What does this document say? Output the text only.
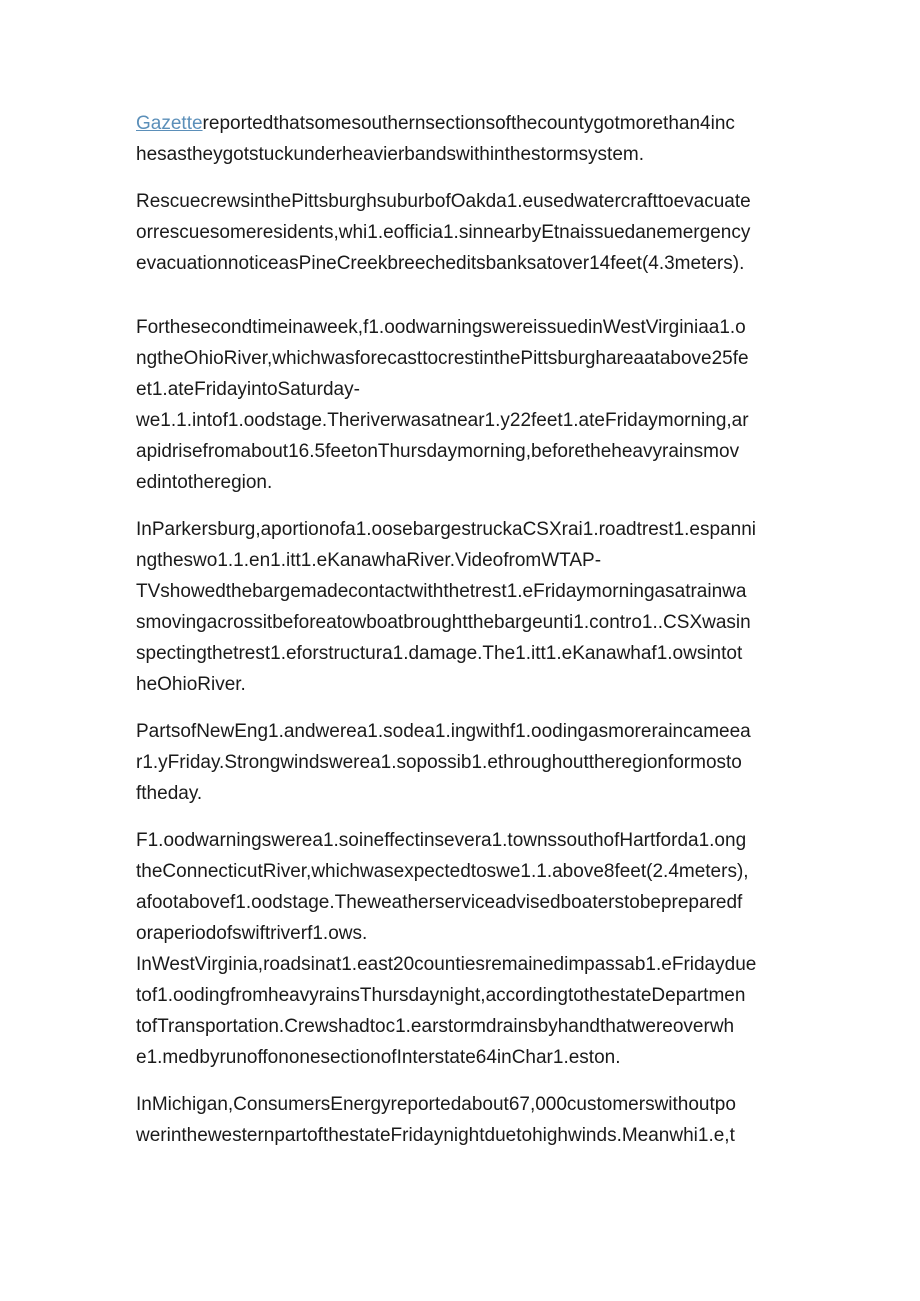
Gazettereportedthatsomesouthernsectionsofthecountygotmorethan4inc
hesastheygotstuckunderheavierbandswithinthestormsystem.
RescuecrewsinthePittsburghsuburbofOakda1.eusedwatercrafttoevacuate
orrescuesomeresidents,whi1.eofficia1.sinnearbyEtnaissuedanemergency
evacuationnoticeasPineCreekbreecheditsbanksatover14feet(4.3meters).
Forthesecondtimeinaweek,f1.oodwarningswereissuedinWestVirginiaa1.o
ngtheOhioRiver,whichwasforecasttocrestinthePittsburghareaatabove25fe
et1.ateFridayintoSaturday-
we1.1.intof1.oodstage.Theriverwasatnear1.y22feet1.ateFridaymorning,ar
apidrisefromabout16.5feetonThursdaymorning,beforetheheavyrainsmov
edintotheregion.
InParkersburg,aportionofa1.oosebargestruckaCSXrai1.roadtrest1.espanni
ngtheswo1.1.en1.itt1.eKanawhaRiver.VideofromWTAP-
TVshowedthebargemadecontactwiththetrest1.eFridaymorningasatrainwa
smovingacrossitbeforeatowboatbroughtthebargeunti1.contro1..CSXwasin
spectingthetrest1.eforstructura1.damage.The1.itt1.eKanawhaf1.owsintot
heOhioRiver.
PartsofNewEng1.andwerea1.sodea1.ingwithf1.oodingasmoreraincameea
r1.yFriday.Strongwindswerea1.sopossib1.ethroughouttheregionformosto
ftheday.
F1.oodwarningswerea1.soineffectinsevera1.townssouthofHartforda1.ong
theConnecticutRiver,whichwasexpectedtoswe1.1.above8feet(2.4meters),
afootabovef1.oodstage.Theweatherserviceadvisedboaterstobepreparedf
oraperiodofswiftriverf1.ows.
InWestVirginia,roadsinat1.east20countiesremainedimpassab1.eFridaydue
tof1.oodingfromheavyrainsThursdaynight,accordingtothestateDepartmen
tofTransportation.Crewshadtoc1.earstormdrainsbyhandthatwereoverwh
e1.medbyrunoffononesectionofInterstate64inChar1.eston.
InMichigan,ConsumersEnergyreportedabout67,000customerswithoutpo
werinthewesternpartofthestateFridaynightduetohighwinds.Meanwhi1.e,t
